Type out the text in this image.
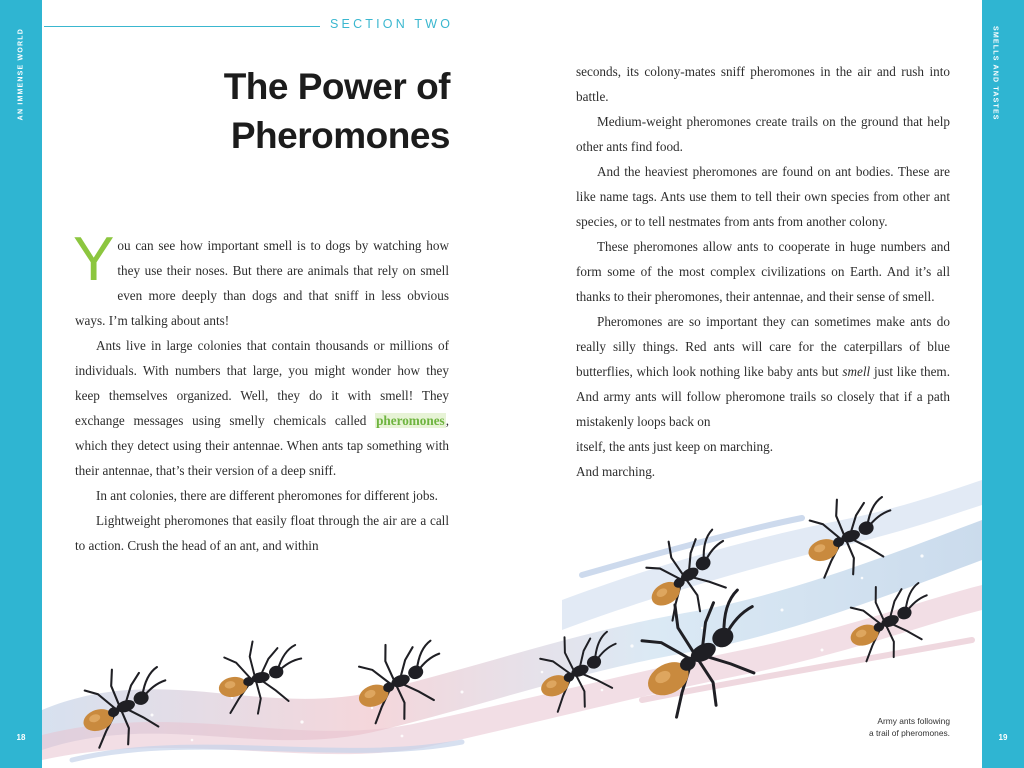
AN IMMENSE WORLD	SMELLS AND TASTES
18	19
SECTION TWO
The Power of
Pheromones

You can see how important smell is to dogs by watching how they use their noses. But there are animals that rely on smell even more deeply than dogs and that sniff in less obvious ways. I’m talking about ants!

Ants live in large colonies that contain thousands or millions of individuals. With numbers that large, you might wonder how they keep themselves organized. Well, they do it with smell! They exchange messages using smelly chemicals called pheromones, which they detect using their antennae. When ants tap something with their antennae, that’s their version of a deep sniff.

In ant colonies, there are different pheromones for different jobs.

Lightweight pheromones that easily float through the air are a call to action. Crush the head of an ant, and within

seconds, its colony-mates sniff pheromones in the air and rush into battle.

Medium-weight pheromones create trails on the ground that help other ants find food.

And the heaviest pheromones are found on ant bodies. These are like name tags. Ants use them to tell their own species from other ant species, or to tell nestmates from ants from another colony.

These pheromones allow ants to cooperate in huge numbers and form some of the most complex civilizations on Earth. And it’s all thanks to their pheromones, their antennae, and their sense of smell.

Pheromones are so important they can sometimes make ants do really silly things. Red ants will care for the caterpillars of blue butterflies, which look nothing like baby ants but smell just like them. And army ants will follow pheromone trails so closely that if a path mistakenly loops back on

itself, the ants just keep on marching.

And marching.

Army ants following
a trail of pheromones.
